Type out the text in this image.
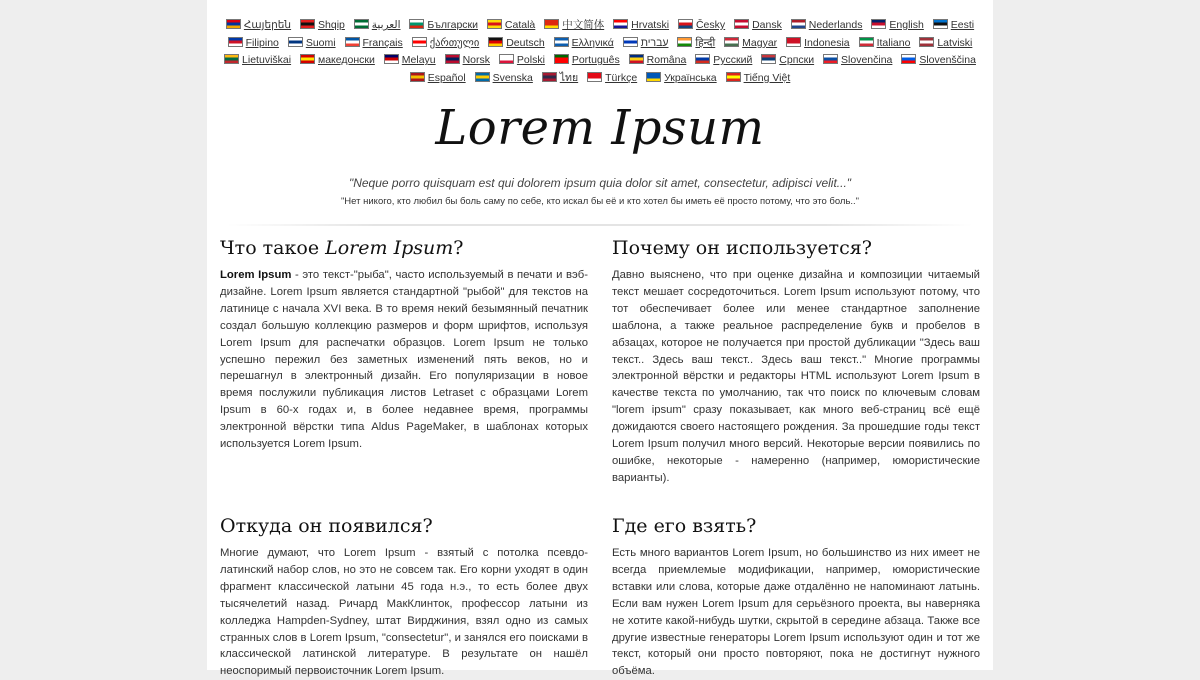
Հայերեն	Shqip	العربية	Български	Català	中文简体	Hrvatski	Česky	Dansk	Nederlands	English	Eesti Filipino	Suomi	Français	ქართული	Deutsch	Ελληνικά	עברית	हिन्दी	Magyar	Indonesia	Italiano	Latviski Lietuviškai	македонски	Melayu	Norsk	Polski	Português	Româna	Pyccкий	Српски	Slovenčina	Slovenščina Español	Svenska	ไทย	Türkçe	Українська	Tiếng Việt
Lorem Ipsum
"Neque porro quisquam est qui dolorem ipsum quia dolor sit amet, consectetur, adipisci velit..."
"Нет никого, кто любил бы боль саму по себе, кто искал бы её и кто хотел бы иметь её просто потому, что это боль.."
Что такое Lorem Ipsum?

Lorem Ipsum - это текст-"рыба", часто используемый в печати и вэб-дизайне. Lorem Ipsum является стандартной "рыбой" для текстов на латинице с начала XVI века. В то время некий безымянный печатник создал большую коллекцию размеров и форм шрифтов, используя Lorem Ipsum для распечатки образцов. Lorem Ipsum не только успешно пережил без заметных изменений пять веков, но и перешагнул в электронный дизайн. Его популяризации в новое время послужили публикация листов Letraset с образцами Lorem Ipsum в 60-х годах и, в более недавнее время, программы электронной вёрстки типа Aldus PageMaker, в шаблонах которых используется Lorem Ipsum.

Почему он используется?

Давно выяснено, что при оценке дизайна и композиции читаемый текст мешает сосредоточиться. Lorem Ipsum используют потому, что тот обеспечивает более или менее стандартное заполнение шаблона, а также реальное распределение букв и пробелов в абзацах, которое не получается при простой дубликации "Здесь ваш текст.. Здесь ваш текст.. Здесь ваш текст.." Многие программы электронной вёрстки и редакторы HTML используют Lorem Ipsum в качестве текста по умолчанию, так что поиск по ключевым словам "lorem ipsum" сразу показывает, как много веб-страниц всё ещё дожидаются своего настоящего рождения. За прошедшие годы текст Lorem Ipsum получил много версий. Некоторые версии появились по ошибке, некоторые - намеренно (например, юмористические варианты).

Откуда он появился?

Многие думают, что Lorem Ipsum - взятый с потолка псевдо-латинский набор слов, но это не совсем так. Его корни уходят в один фрагмент классической латыни 45 года н.э., то есть более двух тысячелетий назад. Ричард МакКлинток, профессор латыни из колледжа Hampden-Sydney, штат Вирджиния, взял одно из самых странных слов в Lorem Ipsum, "consectetur", и занялся его поисками в классической латинской литературе. В результате он нашёл неоспоримый первоисточник Lorem Ipsum.

Где его взять?

Есть много вариантов Lorem Ipsum, но большинство из них имеет не всегда приемлемые модификации, например, юмористические вставки или слова, которые даже отдалённо не напоминают латынь. Если вам нужен Lorem Ipsum для серьёзного проекта, вы наверняка не хотите какой-нибудь шутки, скрытой в середине абзаца. Также все другие известные генераторы Lorem Ipsum используют один и тот же текст, который они просто повторяют, пока не достигнут нужного объёма.
